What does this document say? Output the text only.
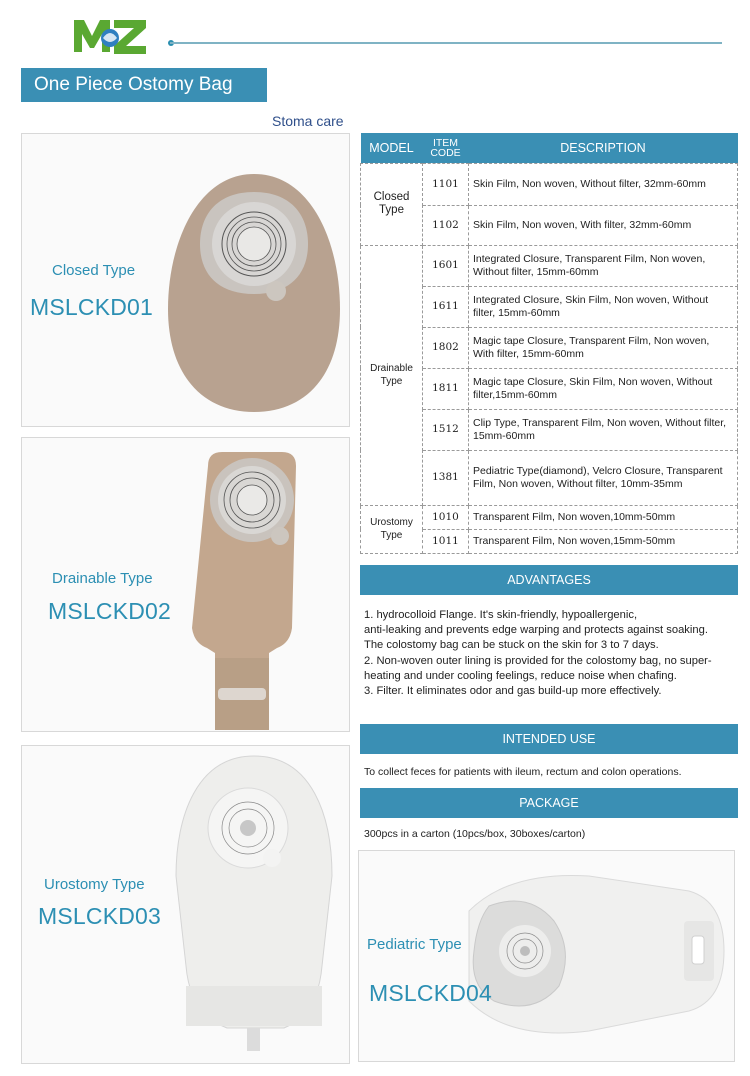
One Piece Ostomy Bag
Stoma care
Closed Type
MSLCKD01
Drainable Type
MSLCKD02
Urostomy Type
MSLCKD03
MODEL	ITEM
CODE	DESCRIPTION
Closed Type	1101	Skin Film, Non woven, Without filter, 32mm-60mm
	1102	Skin Film, Non woven, With filter, 32mm-60mm
Drainable Type	1601	Integrated Closure, Transparent Film, Non woven, Without filter, 15mm-60mm
	1611	Integrated Closure, Skin Film, Non woven, Without filter, 15mm-60mm
	1802	Magic tape Closure, Transparent Film, Non woven, With filter, 15mm-60mm
	1811	Magic tape Closure, Skin Film, Non woven, Without filter,15mm-60mm
	1512	Clip Type, Transparent Film, Non woven, Without filter, 15mm-60mm
	1381	Pediatric Type(diamond), Velcro Closure, Transparent Film, Non woven, Without filter, 10mm-35mm
Urostomy Type	1010	Transparent Film, Non woven,10mm-50mm
	1011	Transparent Film, Non woven,15mm-50mm
ADVANTAGES
1. hydrocolloid Flange. It's skin-friendly, hypoallergenic,
anti-leaking and prevents edge warping and protects against soaking.
The colostomy bag can be stuck on the skin for 3 to 7 days.
2. Non-woven outer lining is provided for the colostomy bag, no super-
heating and under cooling feelings, reduce noise when chafing.
3. Filter. It eliminates odor and gas build-up more effectively.
INTENDED USE
To collect feces for patients with ileum, rectum and colon operations.
PACKAGE
300pcs in a carton (10pcs/box, 30boxes/carton)
Pediatric Type
MSLCKD04
